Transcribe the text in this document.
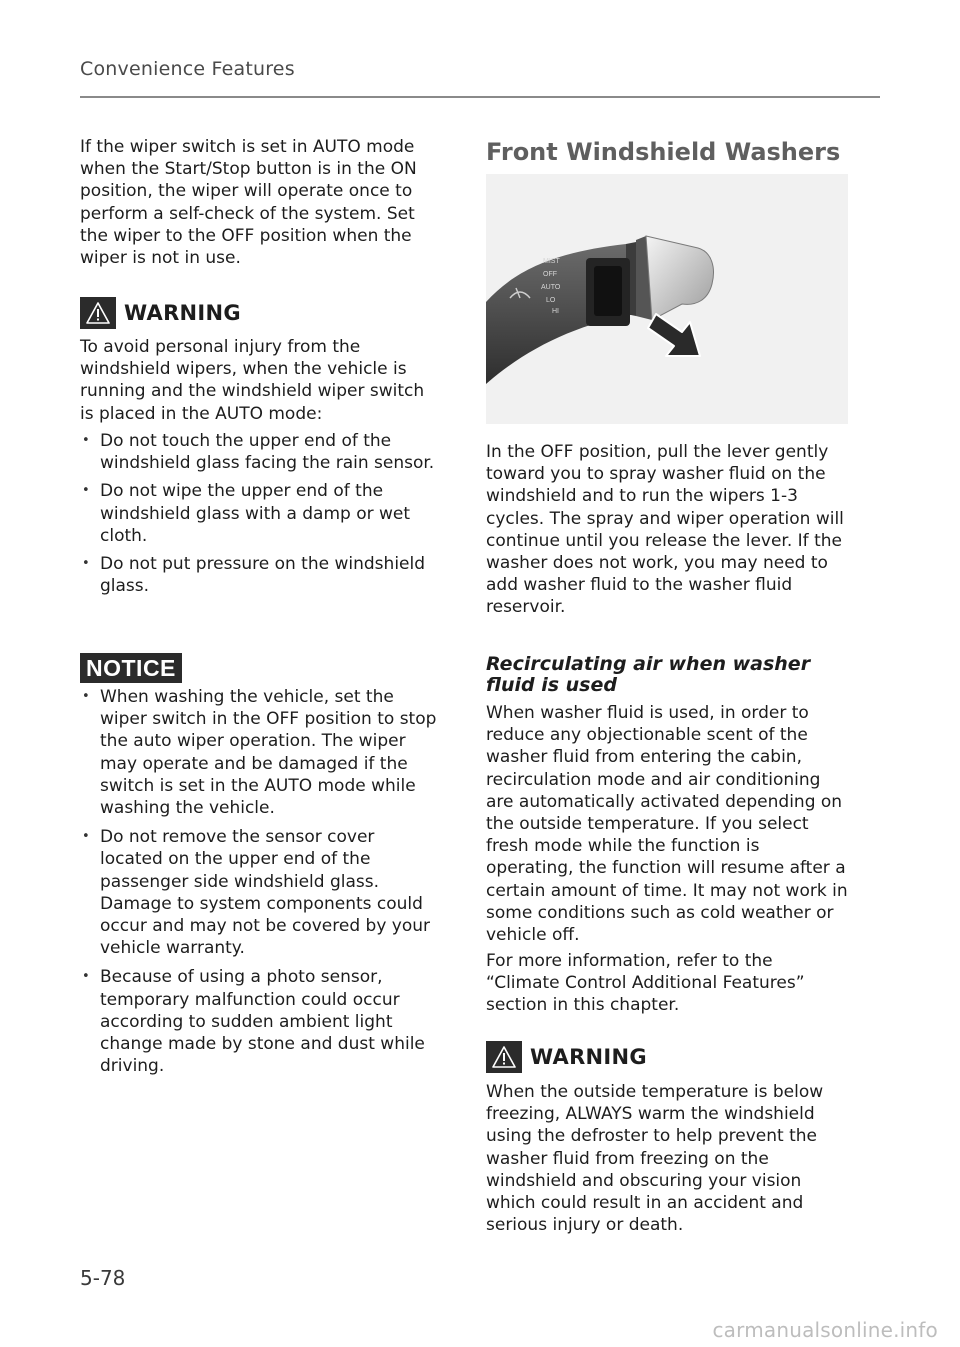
Convenience Features

If the wiper switch is set in AUTO mode when the Start/Stop button is in the ON position, the wiper will operate once to perform a self-check of the system. Set the wiper to the OFF position when the wiper is not in use.

WARNING

To avoid personal injury from the windshield wipers, when the vehicle is running and the windshield wiper switch is placed in the AUTO mode:

• Do not touch the upper end of the windshield glass facing the rain sensor.
• Do not wipe the upper end of the windshield glass with a damp or wet cloth.
• Do not put pressure on the windshield glass.
NOTICE
• When washing the vehicle, set the wiper switch in the OFF position to stop the auto wiper operation. The wiper may operate and be damaged if the switch is set in the AUTO mode while washing the vehicle.
• Do not remove the sensor cover located on the upper end of the passenger side windshield glass. Damage to system components could occur and may not be covered by your vehicle warranty.
• Because of using a photo sensor, temporary malfunction could occur according to sudden ambient light change made by stone and dust while driving.
Front Windshield Washers
MIST
OFF
AUTO
LO
HI

In the OFF position, pull the lever gently toward you to spray washer fluid on the windshield and to run the wipers 1-3 cycles. The spray and wiper operation will continue until you release the lever. If the washer does not work, you may need to add washer fluid to the washer fluid reservoir.

Recirculating air when washer fluid is used

When washer fluid is used, in order to reduce any objectionable scent of the washer fluid from entering the cabin, recirculation mode and air conditioning are automatically activated depending on the outside temperature. If you select fresh mode while the function is operating, the function will resume after a certain amount of time. It may not work in some conditions such as cold weather or vehicle off.

For more information, refer to the “Climate Control Additional Features” section in this chapter.

WARNING

When the outside temperature is below freezing, ALWAYS warm the windshield using the defroster to help prevent the washer fluid from freezing on the windshield and obscuring your vision which could result in an accident and serious injury or death.

5-78
carmanualsonline.info
